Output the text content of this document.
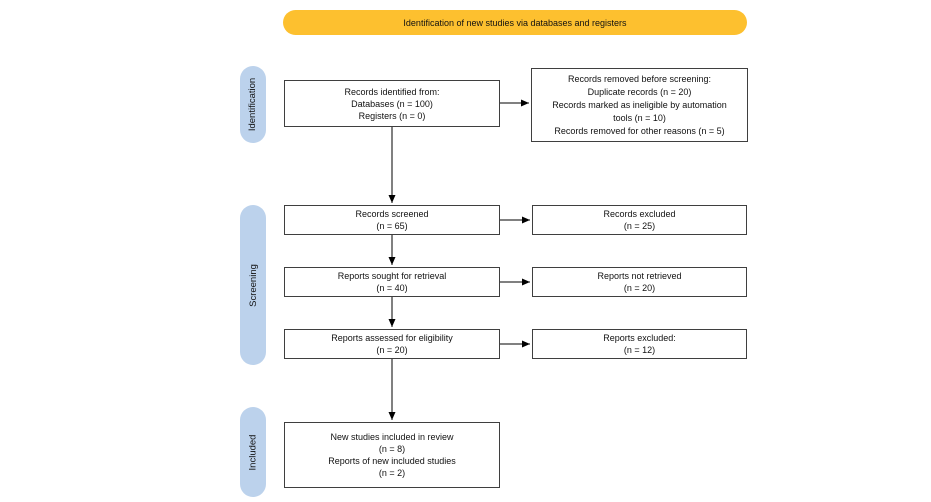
Identification of new studies via databases and registers
Identification
Screening
Included
Records identified from:
Databases (n = 100)
Registers (n = 0)
Records removed before screening:
Duplicate records (n = 20)
Records marked as ineligible by automation
tools (n = 10)
Records removed for other reasons (n = 5)
Records screened
(n = 65)
Records excluded
(n = 25)
Reports sought for retrieval
(n = 40)
Reports not retrieved
(n = 20)
Reports assessed for eligibility
(n = 20)
Reports excluded:
(n = 12)
New studies included in review
(n = 8)
Reports of new included studies
(n = 2)
